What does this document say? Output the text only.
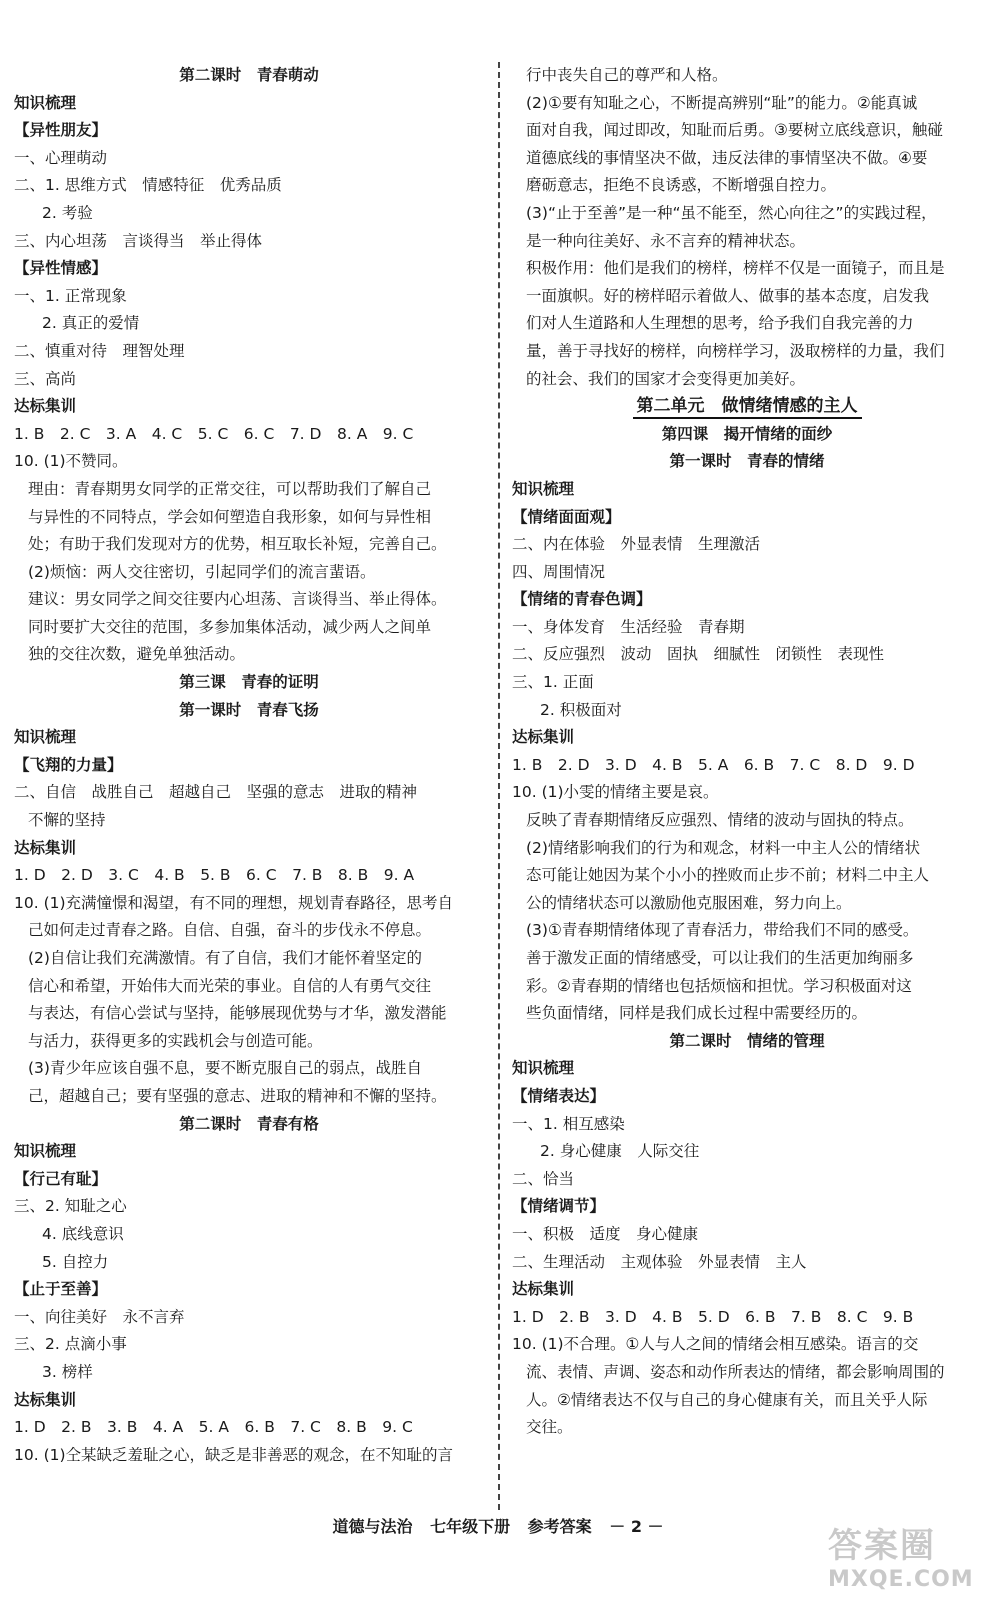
第二课时　青春萌动
知识梳理
【异性朋友】
一、心理萌动
二、1. 思维方式　情感特征　优秀品质
2. 考验
三、内心坦荡　言谈得当　举止得体
【异性情感】
一、1. 正常现象
2. 真正的爱情
二、慎重对待　理智处理
三、高尚
达标集训
1. B　2. C　3. A　4. C　5. C　6. C　7. D　8. A　9. C
10. (1)不赞同。
理由：青春期男女同学的正常交往，可以帮助我们了解自己
与异性的不同特点，学会如何塑造自我形象，如何与异性相
处；有助于我们发现对方的优势，相互取长补短，完善自己。
(2)烦恼：两人交往密切，引起同学们的流言蜚语。
建议：男女同学之间交往要内心坦荡、言谈得当、举止得体。
同时要扩大交往的范围，多参加集体活动，减少两人之间单
独的交往次数，避免单独活动。
第三课　青春的证明
第一课时　青春飞扬
知识梳理
【飞翔的力量】
二、自信　战胜自己　超越自己　坚强的意志　进取的精神
不懈的坚持
达标集训
1. D　2. D　3. C　4. B　5. B　6. C　7. B　8. B　9. A
10. (1)充满憧憬和渴望，有不同的理想，规划青春路径，思考自
己如何走过青春之路。自信、自强，奋斗的步伐永不停息。
(2)自信让我们充满激情。有了自信，我们才能怀着坚定的
信心和希望，开始伟大而光荣的事业。自信的人有勇气交往
与表达，有信心尝试与坚持，能够展现优势与才华，激发潜能
与活力，获得更多的实践机会与创造可能。
(3)青少年应该自强不息，要不断克服自己的弱点，战胜自
己，超越自己；要有坚强的意志、进取的精神和不懈的坚持。
第二课时　青春有格
知识梳理
【行己有耻】
三、2. 知耻之心
4. 底线意识
5. 自控力
【止于至善】
一、向往美好　永不言弃
三、2. 点滴小事
3. 榜样
达标集训
1. D　2. B　3. B　4. A　5. A　6. B　7. C　8. B　9. C
10. (1)仝某缺乏羞耻之心，缺乏是非善恶的观念，在不知耻的言
行中丧失自己的尊严和人格。
(2)①要有知耻之心，不断提高辨别“耻”的能力。②能真诚
面对自我，闻过即改，知耻而后勇。③要树立底线意识，触碰
道德底线的事情坚决不做，违反法律的事情坚决不做。④要
磨砺意志，拒绝不良诱惑，不断增强自控力。
(3)“止于至善”是一种“虽不能至，然心向往之”的实践过程，
是一种向往美好、永不言弃的精神状态。
积极作用：他们是我们的榜样，榜样不仅是一面镜子，而且是
一面旗帜。好的榜样昭示着做人、做事的基本态度，启发我
们对人生道路和人生理想的思考，给予我们自我完善的力
量，善于寻找好的榜样，向榜样学习，汲取榜样的力量，我们
的社会、我们的国家才会变得更加美好。
第二单元　做情绪情感的主人
第四课　揭开情绪的面纱
第一课时　青春的情绪
知识梳理
【情绪面面观】
二、内在体验　外显表情　生理激活
四、周围情况
【情绪的青春色调】
一、身体发育　生活经验　青春期
二、反应强烈　波动　固执　细腻性　闭锁性　表现性
三、1. 正面
2. 积极面对
达标集训
1. B　2. D　3. D　4. B　5. A　6. B　7. C　8. D　9. D
10. (1)小雯的情绪主要是哀。
反映了青春期情绪反应强烈、情绪的波动与固执的特点。
(2)情绪影响我们的行为和观念，材料一中主人公的情绪状
态可能让她因为某个小小的挫败而止步不前；材料二中主人
公的情绪状态可以激励他克服困难，努力向上。
(3)①青春期情绪体现了青春活力，带给我们不同的感受。
善于激发正面的情绪感受，可以让我们的生活更加绚丽多
彩。②青春期的情绪也包括烦恼和担忧。学习积极面对这
些负面情绪，同样是我们成长过程中需要经历的。
第二课时　情绪的管理
知识梳理
【情绪表达】
一、1. 相互感染
2. 身心健康　人际交往
二、恰当
【情绪调节】
一、积极　适度　身心健康
二、生理活动　主观体验　外显表情　主人
达标集训
1. D　2. B　3. D　4. B　5. D　6. B　7. B　8. C　9. B
10. (1)不合理。①人与人之间的情绪会相互感染。语言的交
流、表情、声调、姿态和动作所表达的情绪，都会影响周围的
人。②情绪表达不仅与自己的身心健康有关，而且关乎人际
交往。
道德与法治 七年级下册 参考答案 － 2 －	答案圈
MXQE.COM
